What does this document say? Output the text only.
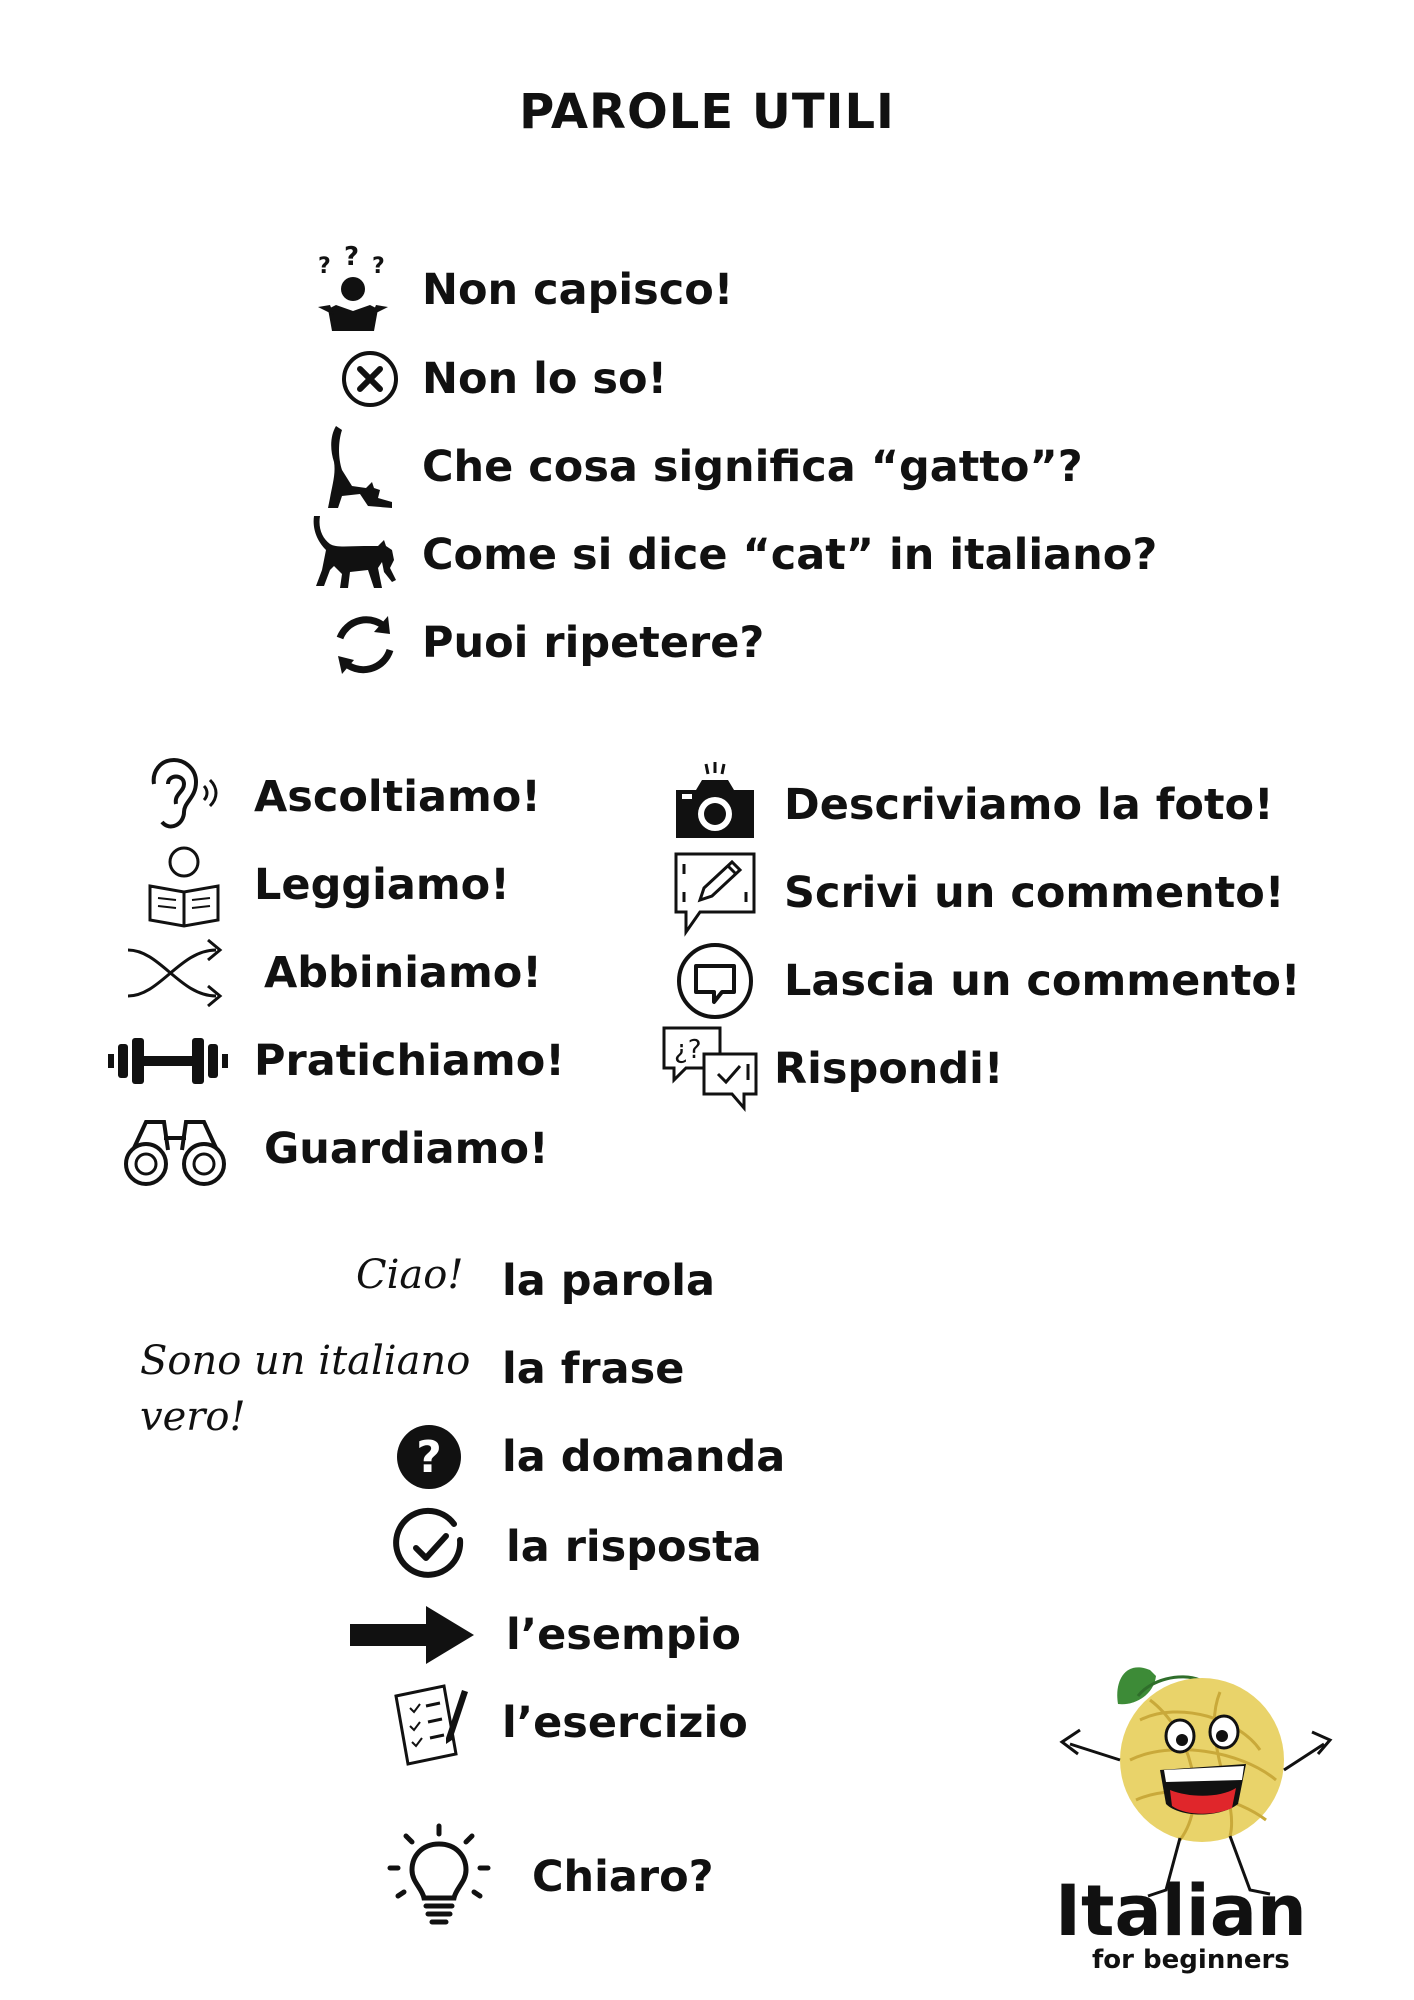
PAROLE UTILI
? ? ? Non capisco!
Non lo so!
Che cosa significa “gatto”?
Come si dice “cat” in italiano?
Puoi ripetere?
Ascoltiamo!
Leggiamo!
Abbiniamo!
Pratichiamo!
Guardiamo!
Descriviamo la foto!
Scrivi un commento!
Lascia un commento!
¿? Rispondi!
Ciao!
Sono un italiano
vero!
la parola
la frase
? la domanda
la risposta
l’esempio
l’esercizio
Chiaro?	Italian
for beginners
